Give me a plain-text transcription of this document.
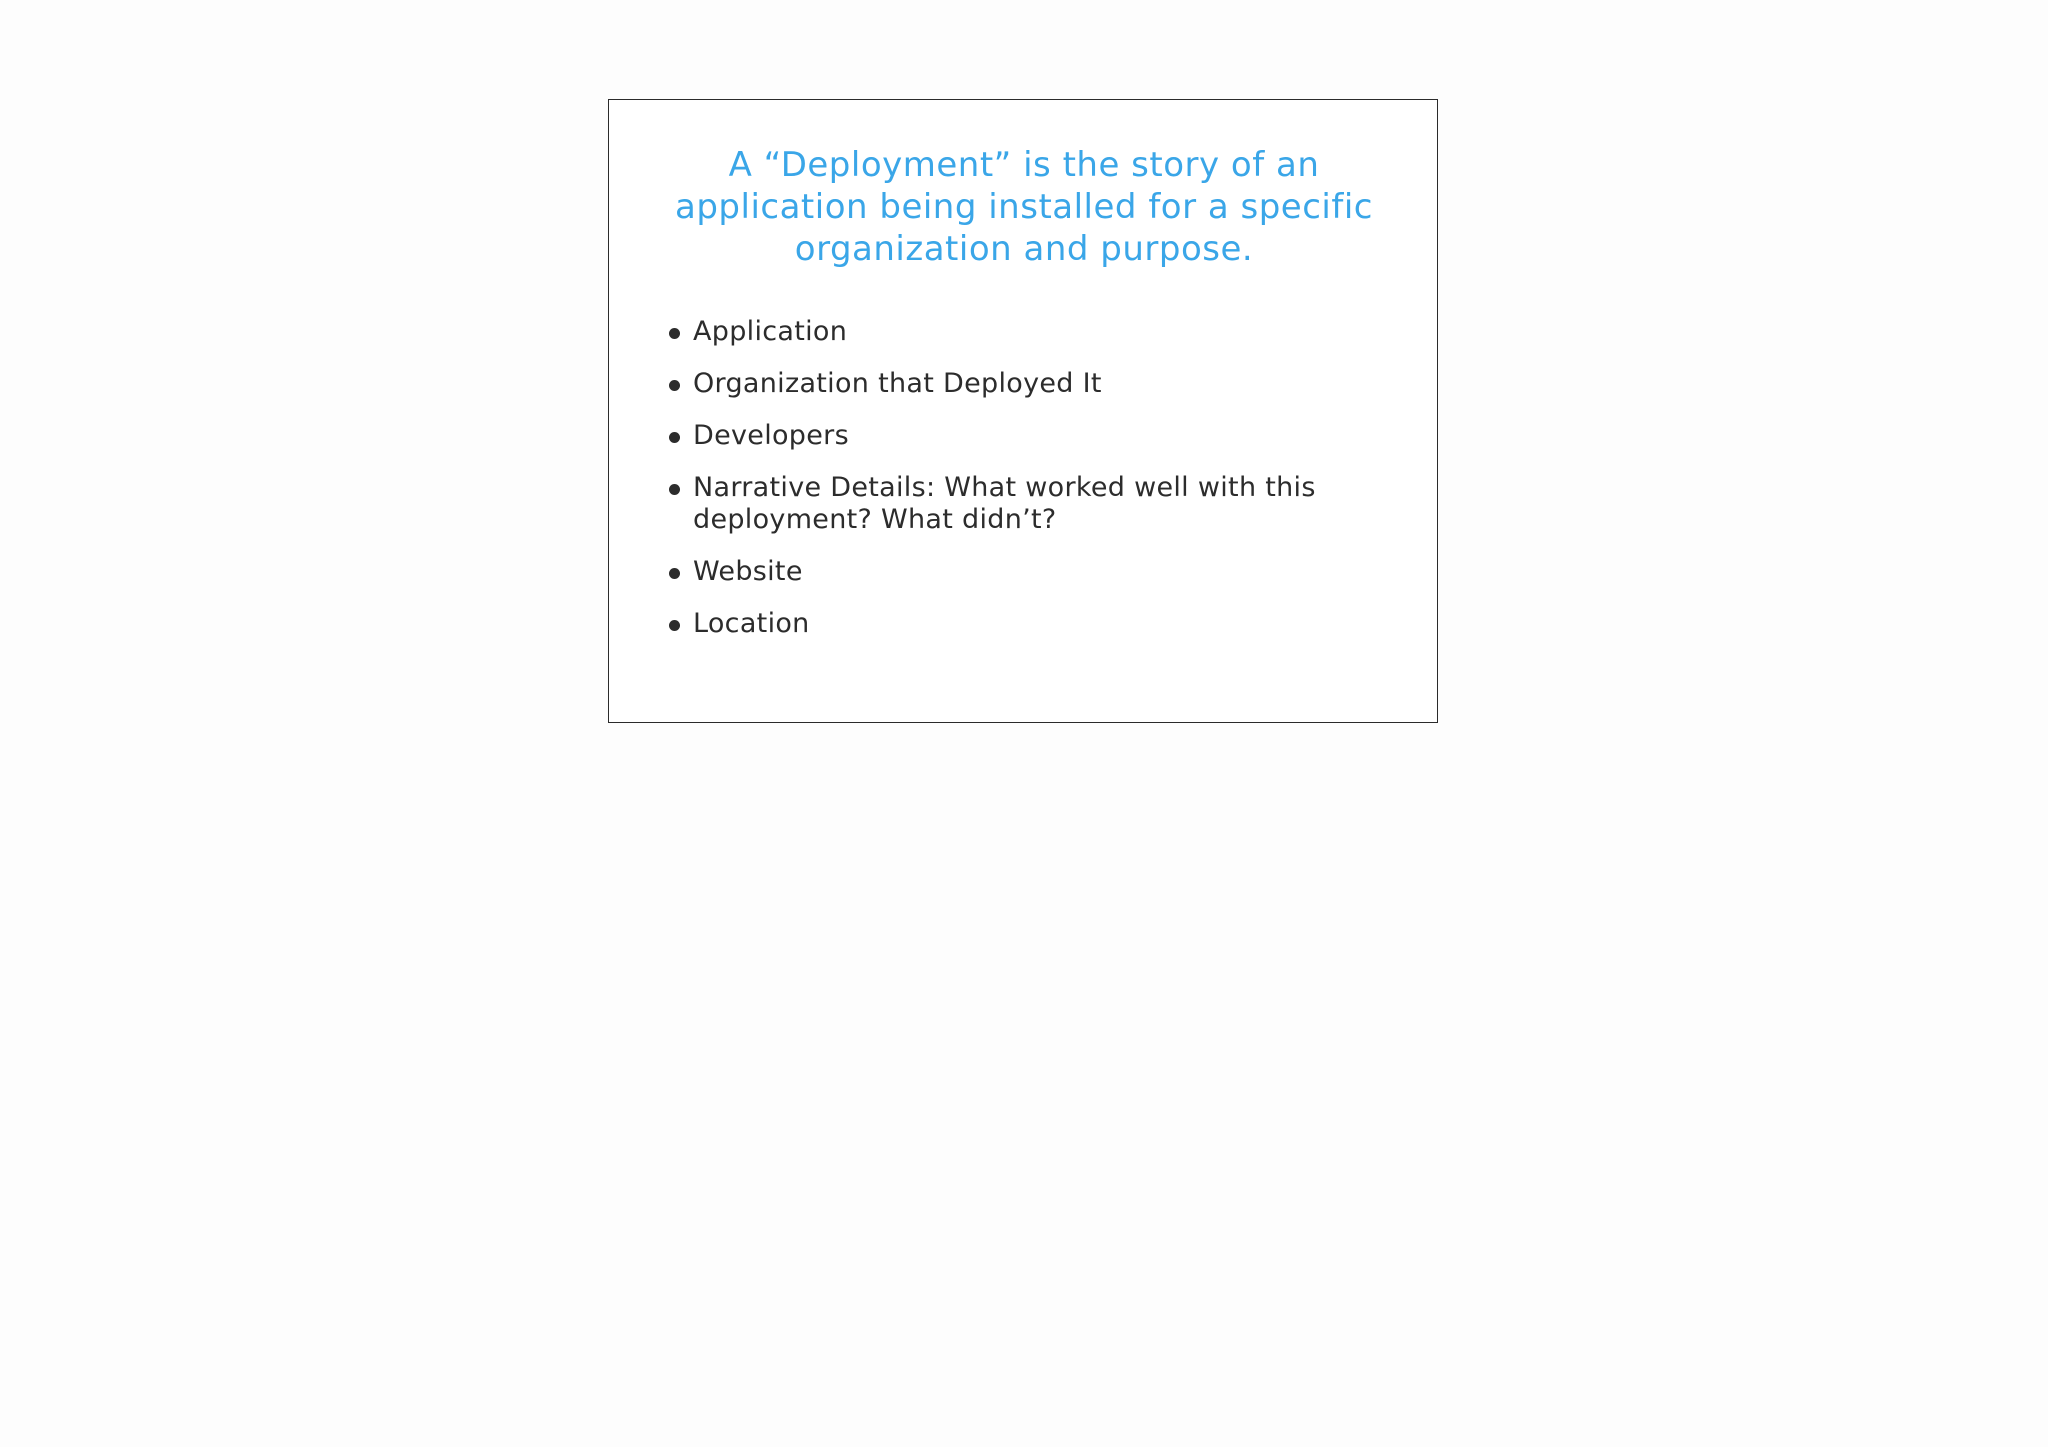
A “Deployment” is the story of an
application being installed for a specific
organization and purpose.
Application
Organization that Deployed It
Developers
Narrative Details: What worked well with this
deployment? What didn’t?
Website
Location
